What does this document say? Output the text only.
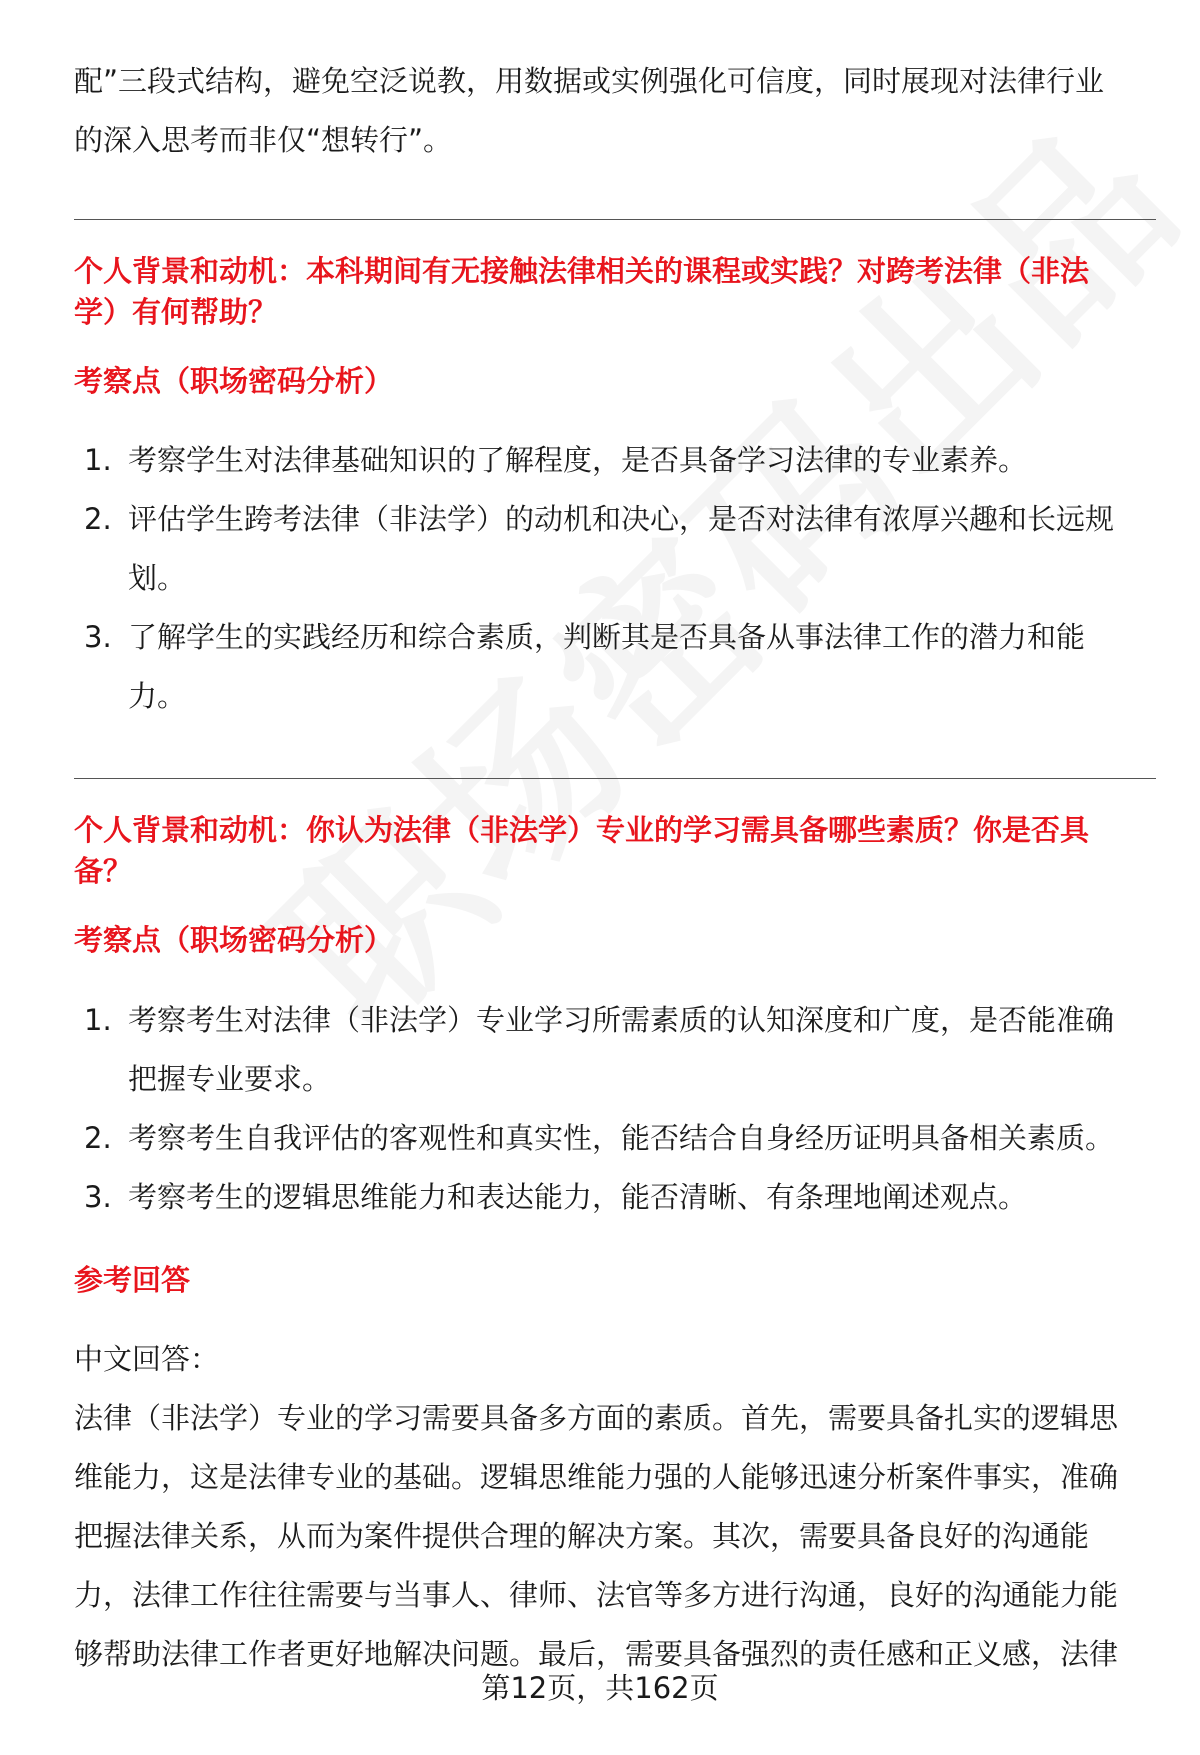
配”三段式结构，避免空泛说教，用数据或实例强化可信度，同时展现对法律行业
的深入思考而非仅“想转行”。
个人背景和动机：本科期间有无接触法律相关的课程或实践？对跨考法律（非法
学）有何帮助？
考察点（职场密码分析）
1. 考察学生对法律基础知识的了解程度，是否具备学习法律的专业素养。
2. 评估学生跨考法律（非法学）的动机和决心，是否对法律有浓厚兴趣和长远规
划。
3. 了解学生的实践经历和综合素质，判断其是否具备从事法律工作的潜力和能
力。
个人背景和动机：你认为法律（非法学）专业的学习需具备哪些素质？你是否具
备？
考察点（职场密码分析）
1. 考察考生对法律（非法学）专业学习所需素质的认知深度和广度，是否能准确
把握专业要求。
2. 考察考生自我评估的客观性和真实性，能否结合自身经历证明具备相关素质。
3. 考察考生的逻辑思维能力和表达能力，能否清晰、有条理地阐述观点。
参考回答
中文回答：
法律（非法学）专业的学习需要具备多方面的素质。首先，需要具备扎实的逻辑思
维能力，这是法律专业的基础。逻辑思维能力强的人能够迅速分析案件事实，准确
把握法律关系，从而为案件提供合理的解决方案。其次，需要具备良好的沟通能
力，法律工作往往需要与当事人、律师、法官等多方进行沟通，良好的沟通能力能
够帮助法律工作者更好地解决问题。最后，需要具备强烈的责任感和正义感，法律
第12页，共162页
